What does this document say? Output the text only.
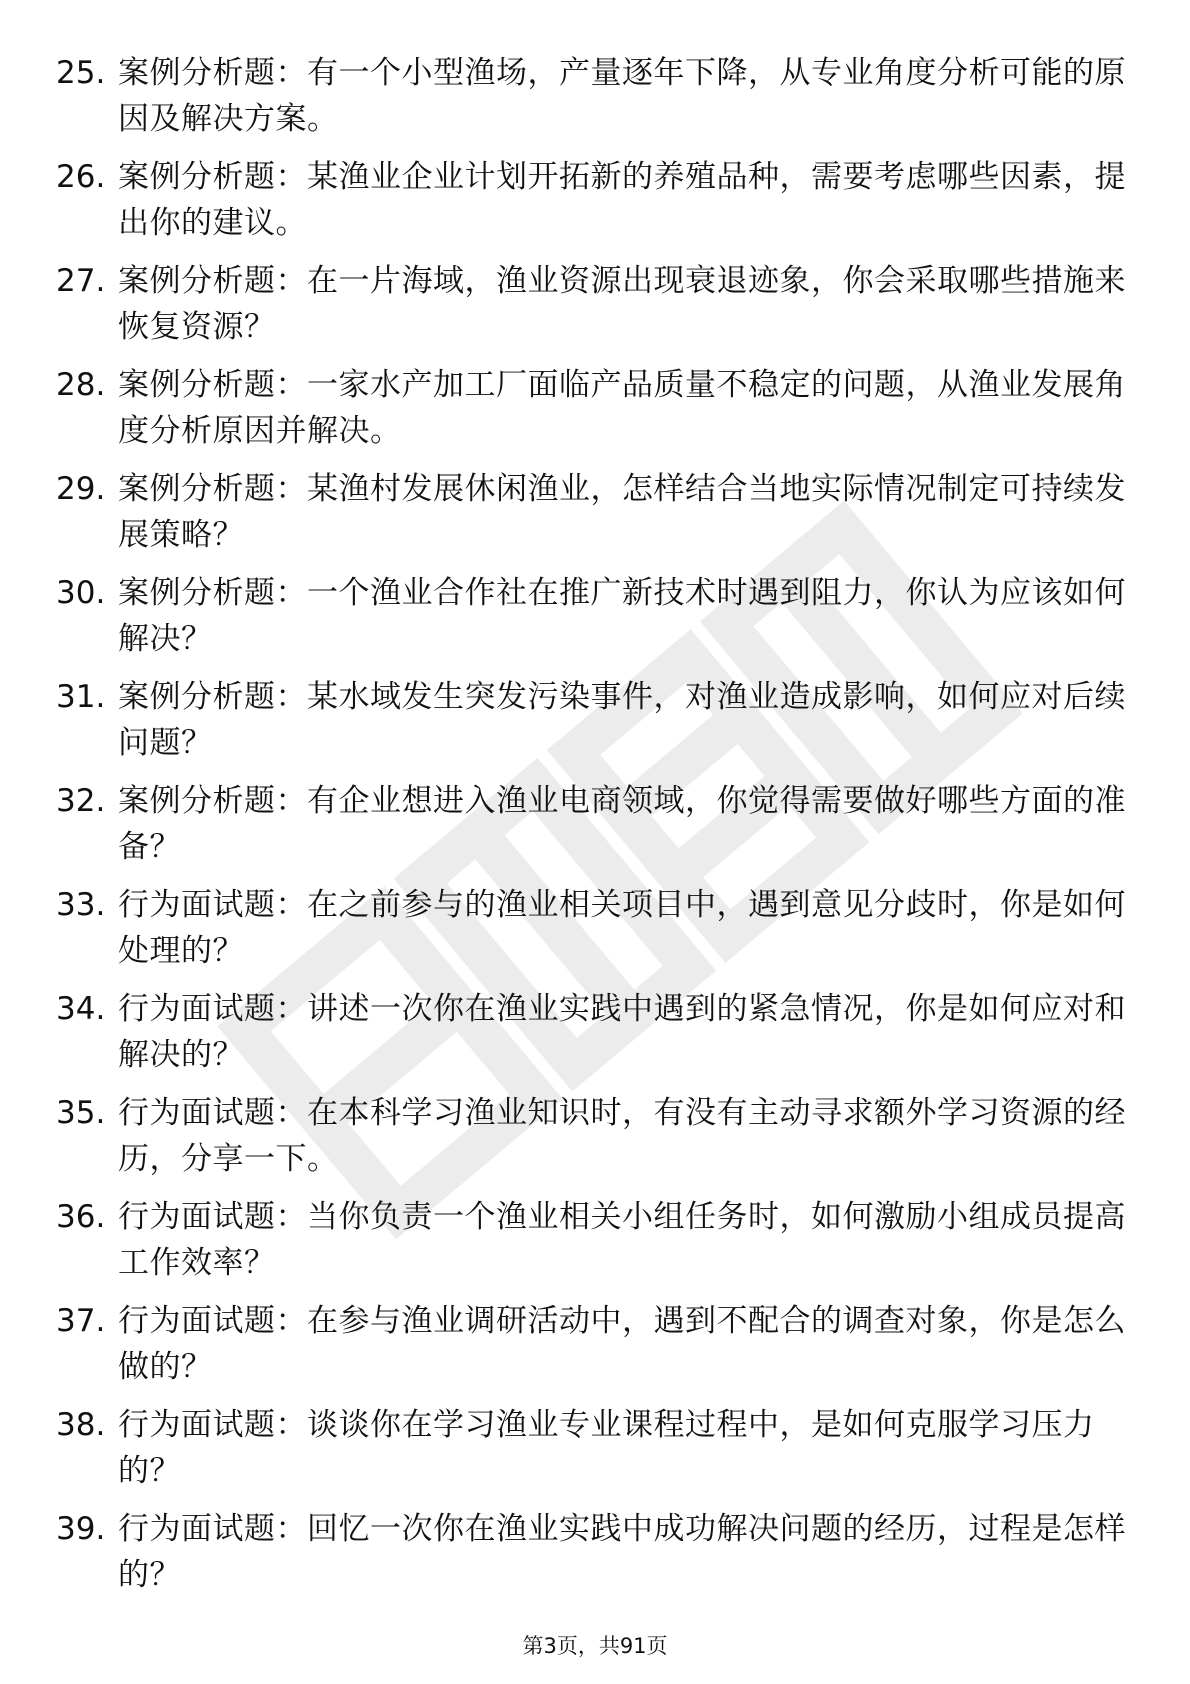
25. 案例分析题：有一个小型渔场，产量逐年下降，从专业角度分析可能的原因及解决方案。
26. 案例分析题：某渔业企业计划开拓新的养殖品种，需要考虑哪些因素，提出你的建议。
27. 案例分析题：在一片海域，渔业资源出现衰退迹象，你会采取哪些措施来恢复资源？
28. 案例分析题：一家水产加工厂面临产品质量不稳定的问题，从渔业发展角度分析原因并解决。
29. 案例分析题：某渔村发展休闲渔业，怎样结合当地实际情况制定可持续发展策略？
30. 案例分析题：一个渔业合作社在推广新技术时遇到阻力，你认为应该如何解决？
31. 案例分析题：某水域发生突发污染事件，对渔业造成影响，如何应对后续问题？
32. 案例分析题：有企业想进入渔业电商领域，你觉得需要做好哪些方面的准备？
33. 行为面试题：在之前参与的渔业相关项目中，遇到意见分歧时，你是如何处理的？
34. 行为面试题：讲述一次你在渔业实践中遇到的紧急情况，你是如何应对和解决的？
35. 行为面试题：在本科学习渔业知识时，有没有主动寻求额外学习资源的经历，分享一下。
36. 行为面试题：当你负责一个渔业相关小组任务时，如何激励小组成员提高工作效率？
37. 行为面试题：在参与渔业调研活动中，遇到不配合的调查对象，你是怎么做的？
38. 行为面试题：谈谈你在学习渔业专业课程过程中，是如何克服学习压力的？
39. 行为面试题：回忆一次你在渔业实践中成功解决问题的经历，过程是怎样的？
第3页，共91页
